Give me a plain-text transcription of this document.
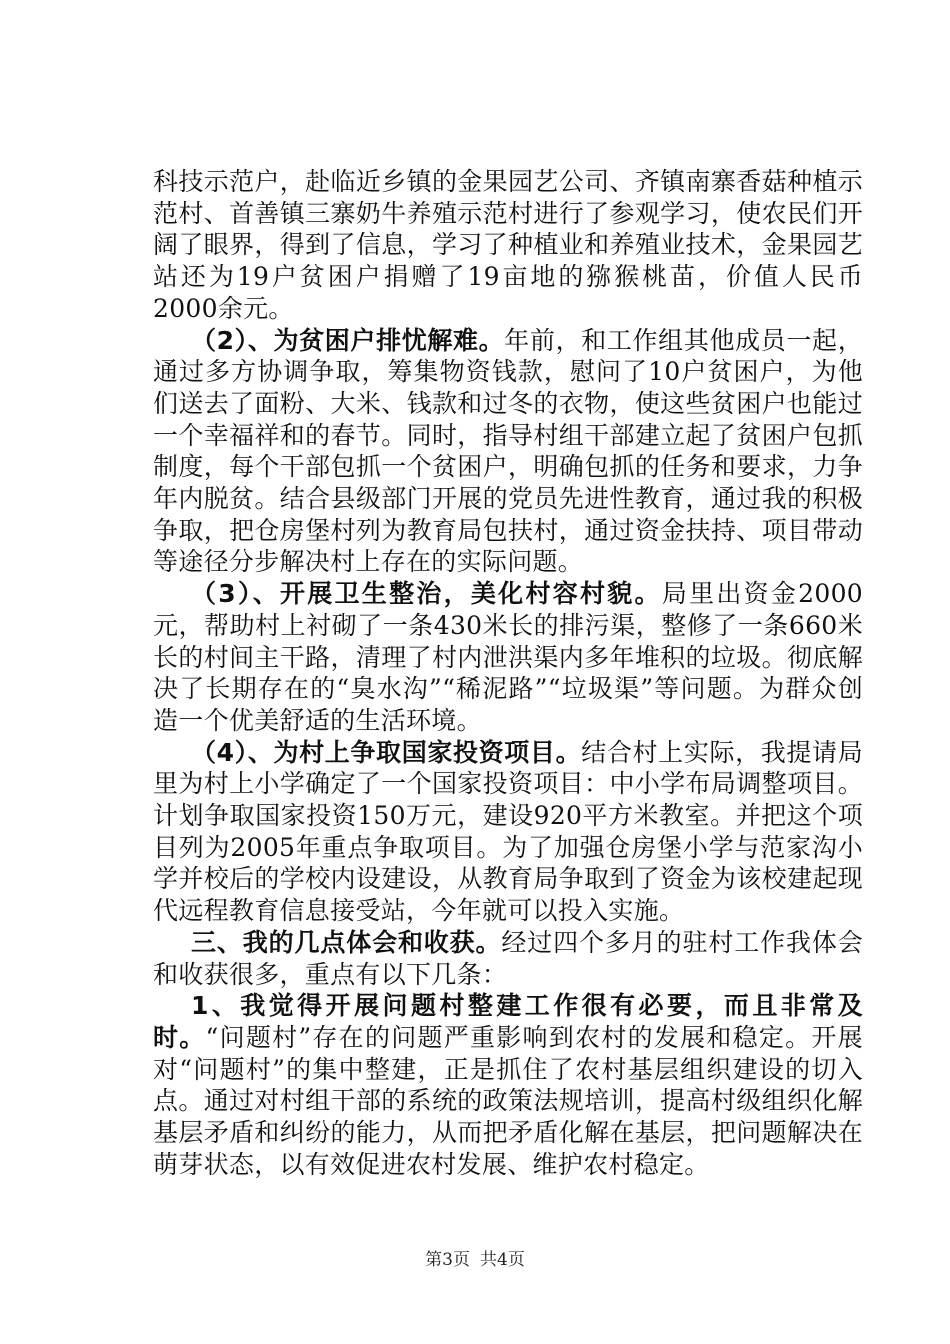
科技示范户，赴临近乡镇的金果园艺公司、齐镇南寨香菇种植示范村、首善镇三寨奶牛养殖示范村进行了参观学习，使农民们开阔了眼界，得到了信息，学习了种植业和养殖业技术，金果园艺站还为19户贫困户捐赠了19亩地的猕猴桃苗，价值人民币2000余元。

（2）、为贫困户排忧解难。年前，和工作组其他成员一起，通过多方协调争取，筹集物资钱款，慰问了10户贫困户，为他们送去了面粉、大米、钱款和过冬的衣物，使这些贫困户也能过一个幸福祥和的春节。同时，指导村组干部建立起了贫困户包抓制度，每个干部包抓一个贫困户，明确包抓的任务和要求，力争年内脱贫。结合县级部门开展的党员先进性教育，通过我的积极争取，把仓房堡村列为教育局包扶村，通过资金扶持、项目带动等途径分步解决村上存在的实际问题。

（3）、开展卫生整治，美化村容村貌。局里出资金2000元，帮助村上衬砌了一条430米长的排污渠，整修了一条660米长的村间主干路，清理了村内泄洪渠内多年堆积的垃圾。彻底解决了长期存在的“臭水沟”“稀泥路”“垃圾渠”等问题。为群众创造一个优美舒适的生活环境。

（4）、为村上争取国家投资项目。结合村上实际，我提请局里为村上小学确定了一个国家投资项目：中小学布局调整项目。计划争取国家投资150万元，建设920平方米教室。并把这个项目列为2005年重点争取项目。为了加强仓房堡小学与范家沟小学并校后的学校内设建设，从教育局争取到了资金为该校建起现代远程教育信息接受站，今年就可以投入实施。

三、我的几点体会和收获。经过四个多月的驻村工作我体会和收获很多，重点有以下几条：

1、我觉得开展问题村整建工作很有必要，而且非常及时。“问题村”存在的问题严重影响到农村的发展和稳定。开展对“问题村”的集中整建，正是抓住了农村基层组织建设的切入点。通过对村组干部的系统的政策法规培训，提高村级组织化解基层矛盾和纠纷的能力，从而把矛盾化解在基层，把问题解决在萌芽状态，以有效促进农村发展、维护农村稳定。

第3页 共4页
